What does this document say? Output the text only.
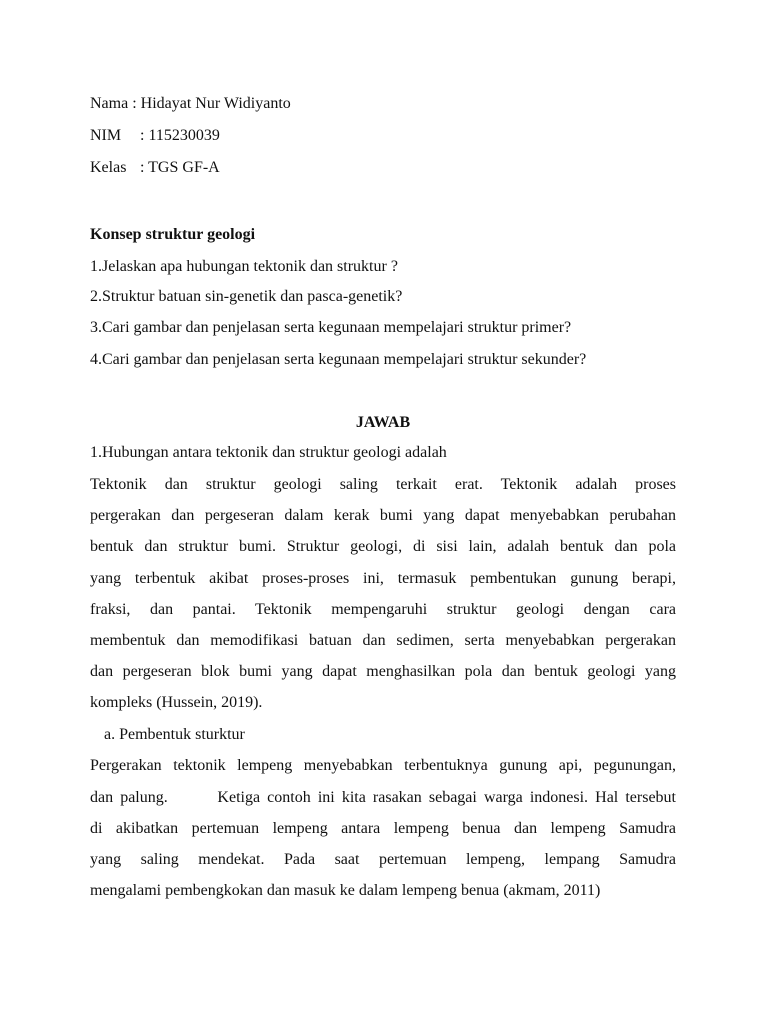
Nama : Hidayat Nur Widiyanto
NIM : 115230039
Kelas : TGS GF-A
Konsep struktur geologi
1.Jelaskan apa hubungan tektonik dan struktur ?
2.Struktur batuan sin-genetik dan pasca-genetik?
3.Cari gambar dan penjelasan serta kegunaan mempelajari struktur primer?
4.Cari gambar dan penjelasan serta kegunaan mempelajari struktur sekunder?
JAWAB
1.Hubungan antara tektonik dan struktur geologi adalah
Tektonik dan struktur geologi saling terkait erat. Tektonik adalah proses
pergerakan dan pergeseran dalam kerak bumi yang dapat menyebabkan perubahan
bentuk dan struktur bumi. Struktur geologi, di sisi lain, adalah bentuk dan pola
yang terbentuk akibat proses-proses ini, termasuk pembentukan gunung berapi,
fraksi, dan pantai. Tektonik mempengaruhi struktur geologi dengan cara
membentuk dan memodifikasi batuan dan sedimen, serta menyebabkan pergerakan
dan pergeseran blok bumi yang dapat menghasilkan pola dan bentuk geologi yang
kompleks (Hussein, 2019).
a. Pembentuk sturktur
Pergerakan tektonik lempeng menyebabkan terbentuknya gunung api, pegunungan,
dan palung.       Ketiga contoh ini kita rasakan sebagai warga indonesi. Hal tersebut
di akibatkan pertemuan lempeng antara lempeng benua dan lempeng Samudra
yang saling mendekat. Pada saat pertemuan lempeng, lempang Samudra
mengalami pembengkokan dan masuk ke dalam lempeng benua (akmam, 2011)
